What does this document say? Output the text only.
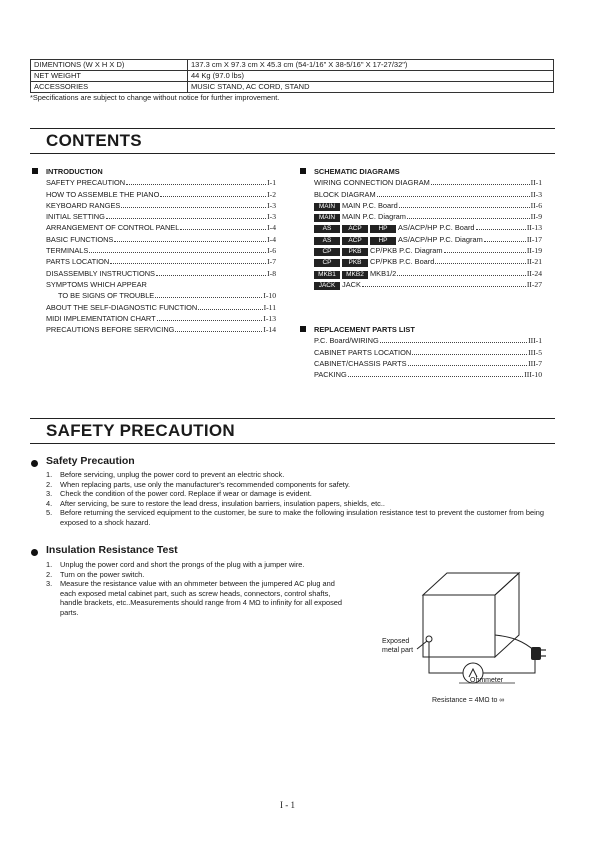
DIMENTIONS (W X H X D)	137.3 cm X 97.3 cm X 45.3 cm (54-1/16" X 38-5/16" X 17-27/32")
NET WEIGHT	44 Kg (97.0 lbs)
ACCESSORIES	MUSIC STAND, AC CORD, STAND
*Specifications are subject to change without notice for further improvement.
CONTENTS
INTRODUCTION
SAFETY PRECAUTION	I-1
HOW TO ASSEMBLE THE PIANO	I-2
KEYBOARD RANGES	I-3
INITIAL SETTING	I-3
ARRANGEMENT OF CONTROL PANEL	I-4
BASIC FUNCTIONS	I-4
TERMINALS	I-6
PARTS LOCATION	I-7
DISASSEMBLY INSTRUCTIONS	I-8
SYMPTOMS WHICH APPEAR
TO BE SIGNS OF TROUBLE	I-10
ABOUT THE SELF-DIAGNOSTIC FUNCTION	I-11
MIDI IMPLEMENTATION CHART	I-13
PRECAUTIONS BEFORE SERVICING	I-14
SCHEMATIC DIAGRAMS
WIRING CONNECTION DIAGRAM	II-1
BLOCK DIAGRAM	II-3
MAIN MAIN P.C. Board	II-6
MAIN MAIN P.C. Diagram	II-9
AS	ACP	HP AS/ACP/HP P.C. Board	II-13
AS	ACP	HP AS/ACP/HP P.C. Diagram	II-17
CP	PKB CP/PKB P.C. Diagram	II-19
CP	PKB CP/PKB P.C. Board	II-21
MKB1 MKB2 MKB1/2	II-24
JACK JACK	II-27
REPLACEMENT PARTS LIST
P.C. Board/WIRING	III-1
CABINET PARTS LOCATION	III-5
CABINET/CHASSIS PARTS	III-7
PACKING	III-10
SAFETY PRECAUTION
Safety Precaution
1. Before servicing, unplug the power cord to prevent an electric shock.
2. When replacing parts, use only the manufacturer's recommended components for safety.
3. Check the condition of the power cord. Replace if wear or damage is evident.
4. After servicing, be sure to restore the lead dress, insulation barriers, insulation papers, shields, etc..
5. Before returning the serviced equipment to the customer, be sure to make the following insulation resistance test to prevent the customer from being exposed to a shock hazard.
Insulation Resistance Test
1. Unplug the power cord and short the prongs of the plug with a jumper wire.
2. Turn on the power switch.
3. Measure the resistance value with an ohmmeter between the jumpered AC plug and each exposed metal cabinet part, such as screw heads, connectors, control shafts, handle brackets, etc..Measurements should range from 4 MΩ to infinity for all exposed parts.
Exposed metal part
Ohmmeter
Resistance = 4MΩ to ∞
I - 1
